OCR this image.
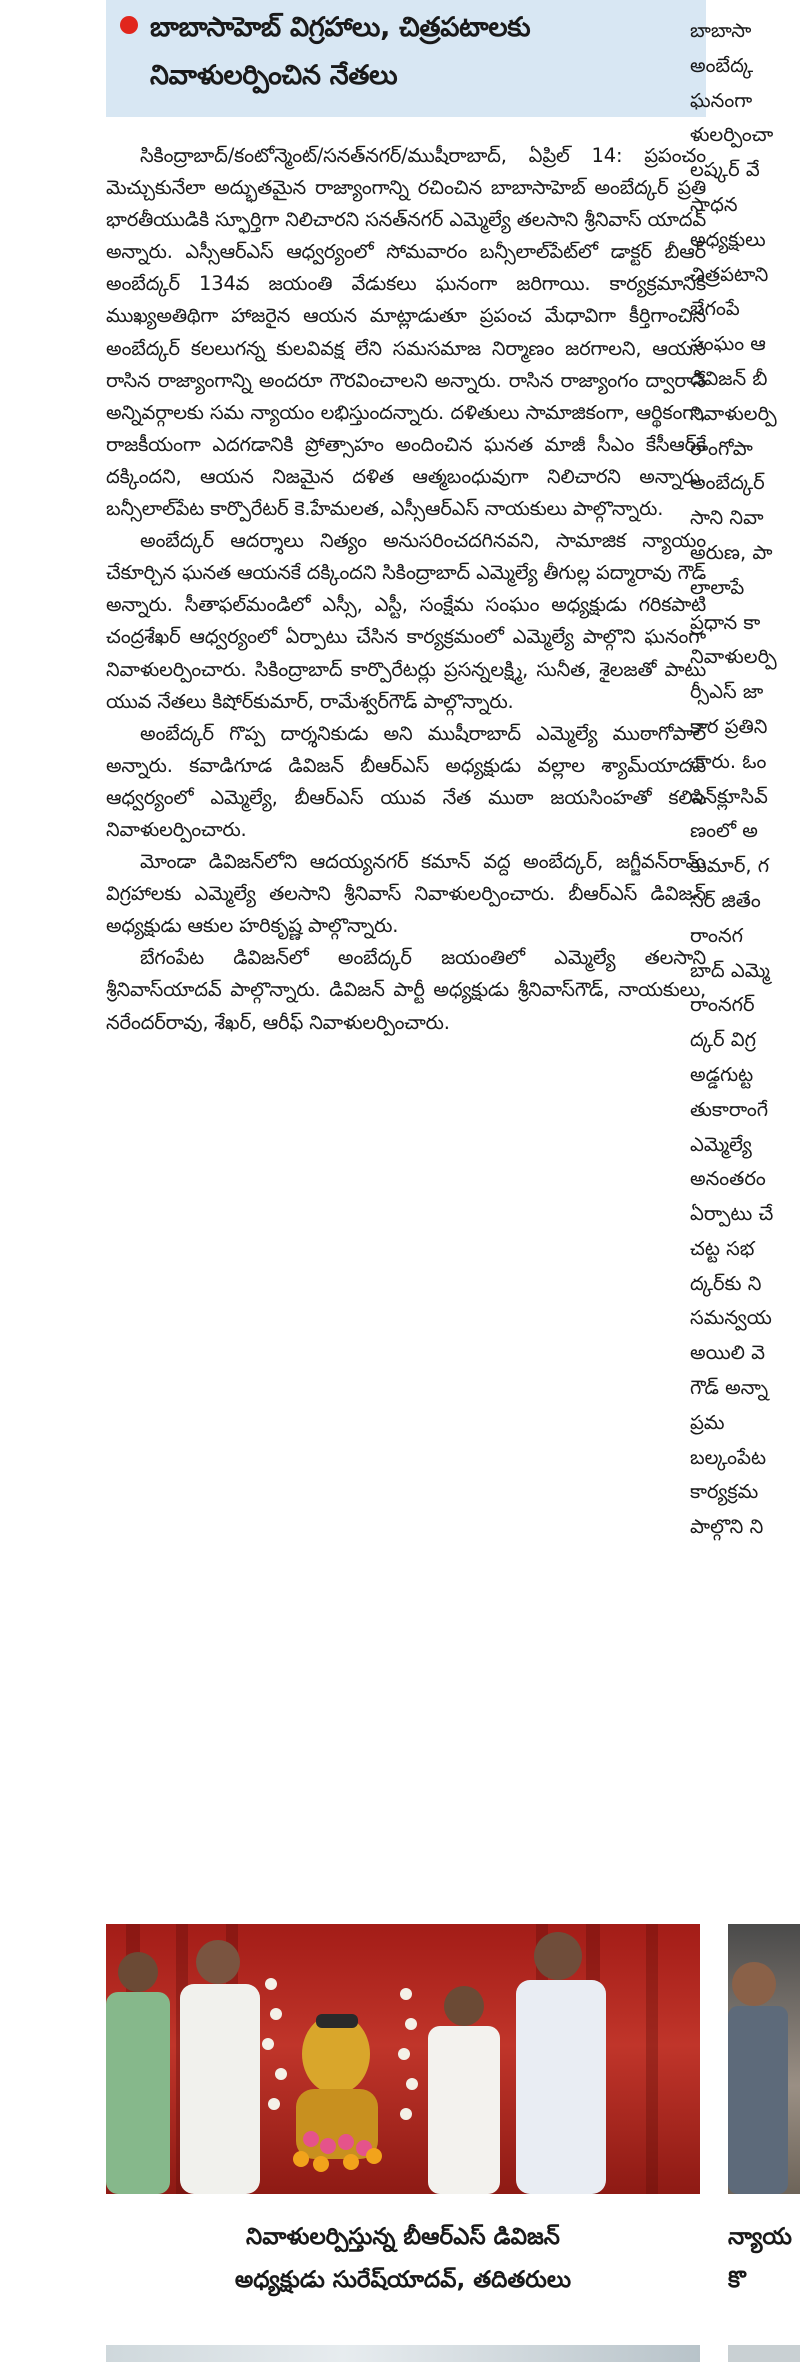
బాబాసాహెబ్ విగ్రహాలు, చిత్రపటాలకు
నివాళులర్పించిన నేతలు

సికింద్రాబాద్/కంటోన్మెంట్/సనత్‌నగర్/ముషీరాబాద్, ఏప్రిల్ 14: ప్రపంచం మెచ్చుకునేలా అద్భుతమైన రాజ్యాంగాన్ని రచించిన బాబాసాహెబ్ అంబేద్కర్ ప్రతి భారతీయుడికి స్ఫూర్తిగా నిలిచారని సనత్‌నగర్ ఎమ్మెల్యే తలసాని శ్రీనివాస్ యాదవ్ అన్నారు. ఎస్సీఆర్ఎస్ ఆధ్వర్యంలో సోమవారం బన్సీలాల్‌పేట్‌లో డాక్టర్ బీఆర్ అంబేద్కర్ 134వ జయంతి వేడుకలు ఘనంగా జరిగాయి. కార్యక్రమానికి ముఖ్యఅతిథిగా హాజరైన ఆయన మాట్లాడుతూ ప్రపంచ మేధావిగా కీర్తిగాంచిన అంబేద్కర్ కలలుగన్న కులవివక్ష లేని సమసమాజ నిర్మాణం జరగాలని, ఆయన రాసిన రాజ్యాంగాన్ని అందరూ గౌరవించాలని అన్నారు. రాసిన రాజ్యాంగం ద్వారానే అన్నివర్గాలకు సమ న్యాయం లభిస్తుందన్నారు. దళితులు సామాజికంగా, ఆర్థికంగా, రాజకీయంగా ఎదగడానికి ప్రోత్సాహం అందించిన ఘనత మాజీ సీఎం కేసీఆర్‌కే దక్కిందని, ఆయన నిజమైన దళిత ఆత్మబంధువుగా నిలిచారని అన్నారు. బన్సీలాల్‌పేట కార్పొరేటర్ కె.హేమలత, ఎస్సీఆర్ఎస్ నాయకులు పాల్గొన్నారు.

అంబేద్కర్ ఆదర్శాలు నిత్యం అనుసరించదగినవని, సామాజిక న్యాయం చేకూర్చిన ఘనత ఆయనకే దక్కిందని సికింద్రాబాద్ ఎమ్మెల్యే తీగుల్ల పద్మారావు గౌడ్ అన్నారు. సీతాఫల్‌మండిలో ఎస్సీ, ఎస్టీ, సంక్షేమ సంఘం అధ్యక్షుడు గరికపాటి చంద్రశేఖర్ ఆధ్వర్యంలో ఏర్పాటు చేసిన కార్యక్రమంలో ఎమ్మెల్యే పాల్గొని ఘనంగా నివాళులర్పించారు. సికింద్రాబాద్ కార్పొరేటర్లు ప్రసన్నలక్ష్మి, సునీత, శైలజతో పాటు యువ నేతలు కిషోర్‌కుమార్, రామేశ్వర్‌గౌడ్ పాల్గొన్నారు.

అంబేద్కర్ గొప్ప దార్శనికుడు అని ముషీరాబాద్ ఎమ్మెల్యే ముఠాగోపాల్ అన్నారు. కవాడిగూడ డివిజన్ బీఆర్ఎస్ అధ్యక్షుడు వల్లాల శ్యామ్‌యాదవ్ ఆధ్వర్యంలో ఎమ్మెల్యే, బీఆర్ఎస్ యువ నేత ముఠా జయసింహతో కలిసి నివాళులర్పించారు.

మోండా డివిజన్‌లోని ఆదయ్యనగర్ కమాన్ వద్ద అంబేద్కర్, జగ్జీవన్‌రామ్ విగ్రహాలకు ఎమ్మెల్యే తలసాని శ్రీనివాస్ నివాళులర్పించారు. బీఆర్ఎస్ డివిజన్ అధ్యక్షుడు ఆకుల హరికృష్ణ పాల్గొన్నారు.

బేగంపేట డివిజన్‌లో అంబేద్కర్ జయంతిలో ఎమ్మెల్యే తలసాని శ్రీనివాస్‌యాదవ్ పాల్గొన్నారు. డివిజన్ పార్టీ అధ్యక్షుడు శ్రీనివాస్‌గౌడ్, నాయకులు, నరేందర్‌రావు, శేఖర్, ఆరీఫ్ నివాళులర్పించారు.

బాబాసా
అంబేద్క
ఘనంగా
ళులర్పించా
లష్కర్ వే
సాధన
అధ్యక్షులు
చిత్రపటాని
బేగంపే
సంఘం ఆ
డివిజన్ బీ
నివాళులర్పి
రాంగోపా
అంబేద్కర్
సాని నివా
అరుణ, పా
లాలాపే
ప్రధాన కా
నివాళులర్పి
ర్సీఎస్ జా
కార ప్రతిని
చారు. ఓం
ఇన్‌క్లూసివ్
ణంలో అ
కుమార్, గ
సర్ జితేం
రాంనగ
బాద్ ఎమ్మె
రాంనగర్‌
ద్కర్ విగ్ర
అడ్డగుట్ట
తుకారాంగే
ఎమ్మెల్యే
అనంతరం
ఏర్పాటు చే
చట్ట సభ
ద్కర్‌కు ని
సమన్వయ
అయిలి వె
గౌడ్ అన్నా
ప్రమ
బల్కంపేట
కార్యక్రమ
పాల్గొని ని
నివాళులర్పిస్తున్న బీఆర్ఎస్ డివిజన్
అధ్యక్షుడు సురేష్‌యాదవ్, తదితరులు
న్యాయ
కొ
